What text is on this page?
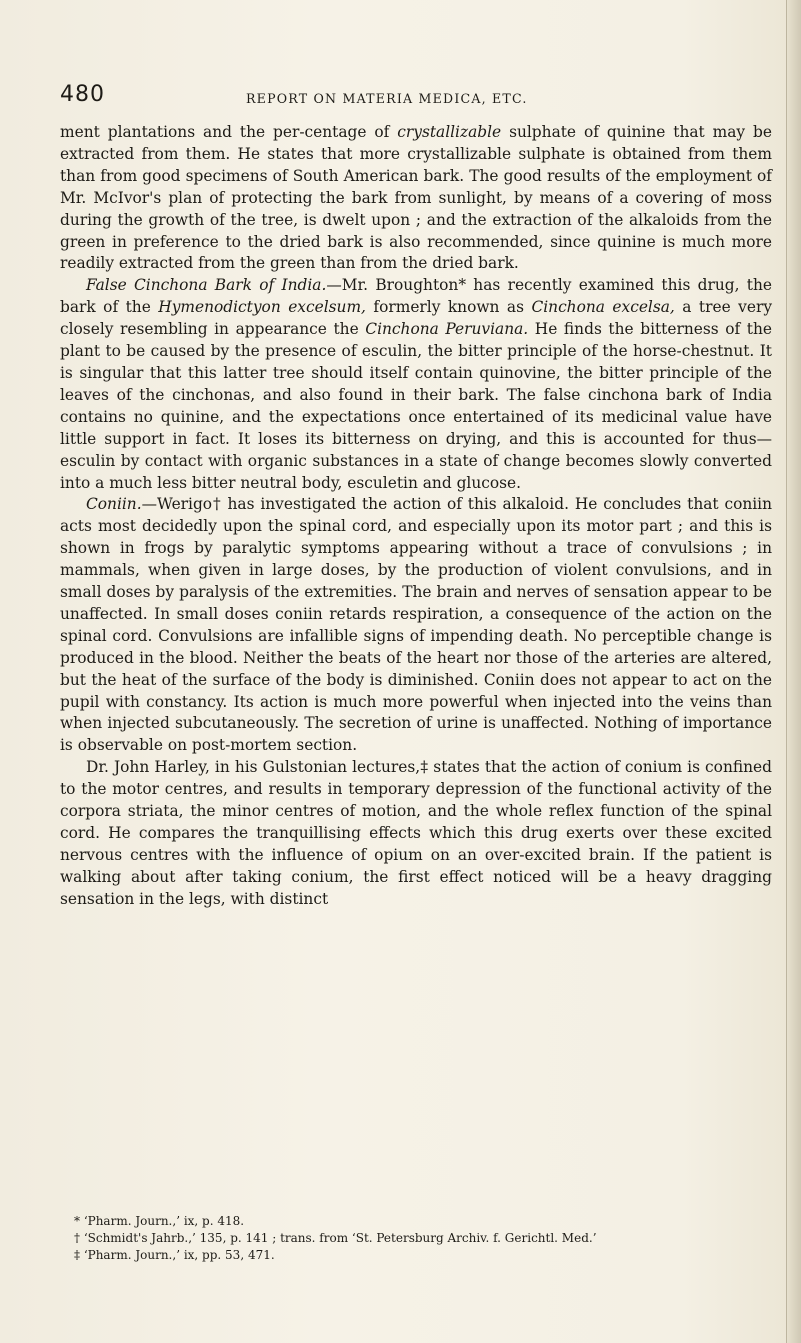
480	REPORT ON MATERIA MEDICA, ETC.

ment plantations and the per-centage of crystallizable sulphate of quinine that may be extracted from them. He states that more crystallizable sulphate is obtained from them than from good specimens of South American bark. The good results of the employment of Mr. McIvor's plan of protecting the bark from sunlight, by means of a covering of moss during the growth of the tree, is dwelt upon ; and the extraction of the alkaloids from the green in preference to the dried bark is also recommended, since quinine is much more readily extracted from the green than from the dried bark.

False Cinchona Bark of India.—Mr. Broughton* has recently examined this drug, the bark of the Hymenodictyon excelsum, formerly known as Cinchona excelsa, a tree very closely resembling in appearance the Cinchona Peruviana. He finds the bitterness of the plant to be caused by the presence of esculin, the bitter principle of the horse-chestnut. It is singular that this latter tree should itself contain quinovine, the bitter principle of the leaves of the cinchonas, and also found in their bark. The false cinchona bark of India contains no quinine, and the expectations once entertained of its medicinal value have little support in fact. It loses its bitterness on drying, and this is accounted for thus—esculin by contact with organic substances in a state of change becomes slowly converted into a much less bitter neutral body, esculetin and glucose.

Coniin.—Werigo† has investigated the action of this alkaloid. He concludes that coniin acts most decidedly upon the spinal cord, and especially upon its motor part ; and this is shown in frogs by paralytic symptoms appearing without a trace of convulsions ; in mammals, when given in large doses, by the production of violent convulsions, and in small doses by paralysis of the extremities. The brain and nerves of sensation appear to be unaffected. In small doses coniin retards respiration, a consequence of the action on the spinal cord. Convulsions are infallible signs of impending death. No perceptible change is produced in the blood. Neither the beats of the heart nor those of the arteries are altered, but the heat of the surface of the body is diminished. Coniin does not appear to act on the pupil with constancy. Its action is much more powerful when injected into the veins than when injected subcutaneously. The secretion of urine is unaffected. Nothing of importance is observable on post-mortem section.

Dr. John Harley, in his Gulstonian lectures,‡ states that the action of conium is confined to the motor centres, and results in temporary depression of the functional activity of the corpora striata, the minor centres of motion, and the whole reflex function of the spinal cord. He compares the tranquillising effects which this drug exerts over these excited nervous centres with the influence of opium on an over-excited brain. If the patient is walking about after taking conium, the first effect noticed will be a heavy dragging sensation in the legs, with distinct

* ‘Pharm. Journ.,’ ix, p. 418.

† ‘Schmidt's Jahrb.,’ 135, p. 141 ; trans. from ‘St. Petersburg Archiv. f. Gerichtl. Med.’

‡ ‘Pharm. Journ.,’ ix, pp. 53, 471.
